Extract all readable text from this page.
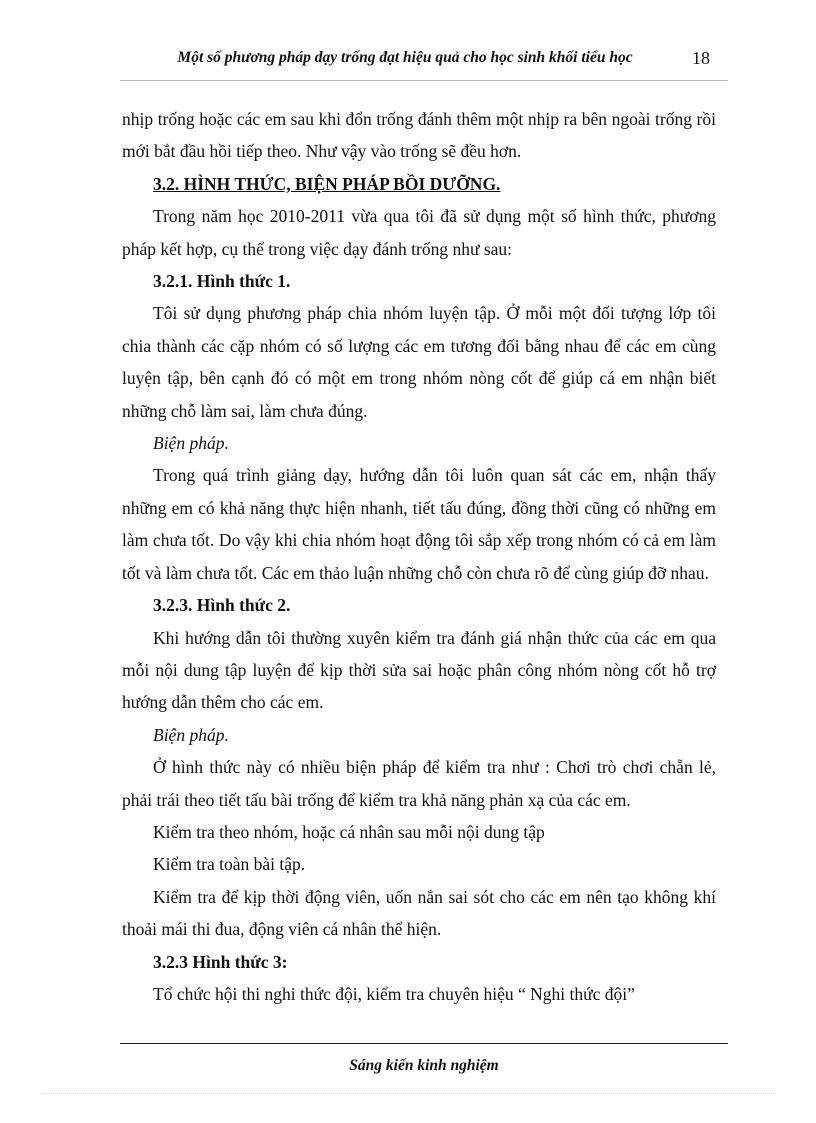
Một số phương pháp dạy trống đạt hiệu quả cho học sinh khối tiểu học	18

nhịp trống hoặc các em sau khi đổn trống đánh thêm một nhịp ra bên ngoài trống rồi mới bắt đầu hồi tiếp theo. Như vậy vào trống sẽ đều hơn.

3.2. HÌNH THỨC, BIỆN PHÁP BỒI DƯỠNG.

Trong năm học 2010-2011 vừa qua tôi đã sử dụng một số hình thức, phương pháp kết hợp, cụ thể trong việc dạy đánh trống như sau:

3.2.1. Hình thức 1.

Tôi sử dụng phương pháp chia nhóm luyện tập. Ở mỗi một đối tượng lớp tôi chia thành các cặp nhóm có số lượng các em tương đối bằng nhau để các em cùng luyện tập, bên cạnh đó có một em trong nhóm nòng cốt để giúp cá em nhận biết những chỗ làm sai, làm chưa đúng.

Biện pháp.

Trong quá trình giảng dạy, hướng dẫn tôi luôn quan sát các em, nhận thấy những em có khả năng thực hiện nhanh, tiết tấu đúng, đồng thời cũng có những em làm chưa tốt. Do vậy khi chia nhóm hoạt động tôi sắp xếp trong nhóm có cả em làm tốt và làm chưa tốt. Các em thảo luận những chỗ còn chưa rõ để cùng giúp đỡ nhau.

3.2.3. Hình thức 2.

Khi hướng dẫn tôi thường xuyên kiểm tra đánh giá nhận thức của các em qua mỗi nội dung tập luyện để kịp thời sửa sai hoặc phân công nhóm nòng cốt hỗ trợ hướng dẫn thêm cho các em.

Biện pháp.

Ở hình thức này có nhiều biện pháp để kiểm tra như : Chơi trò chơi chẵn lẻ, phải trái theo tiết tấu bài trống để kiểm tra khả năng phản xạ của các em.

Kiểm tra theo nhóm, hoặc cá nhân sau mỗi nội dung tập

Kiểm tra toàn bài tập.

Kiểm tra để kịp thời động viên, uốn nắn sai sót cho các em nên tạo không khí thoải mái thi đua, động viên cá nhân thể hiện.

3.2.3 Hình thức 3:

Tổ chức hội thi nghi thức đội, kiểm tra chuyên hiệu “ Nghi thức đội”

Sáng kiến kinh nghiệm
